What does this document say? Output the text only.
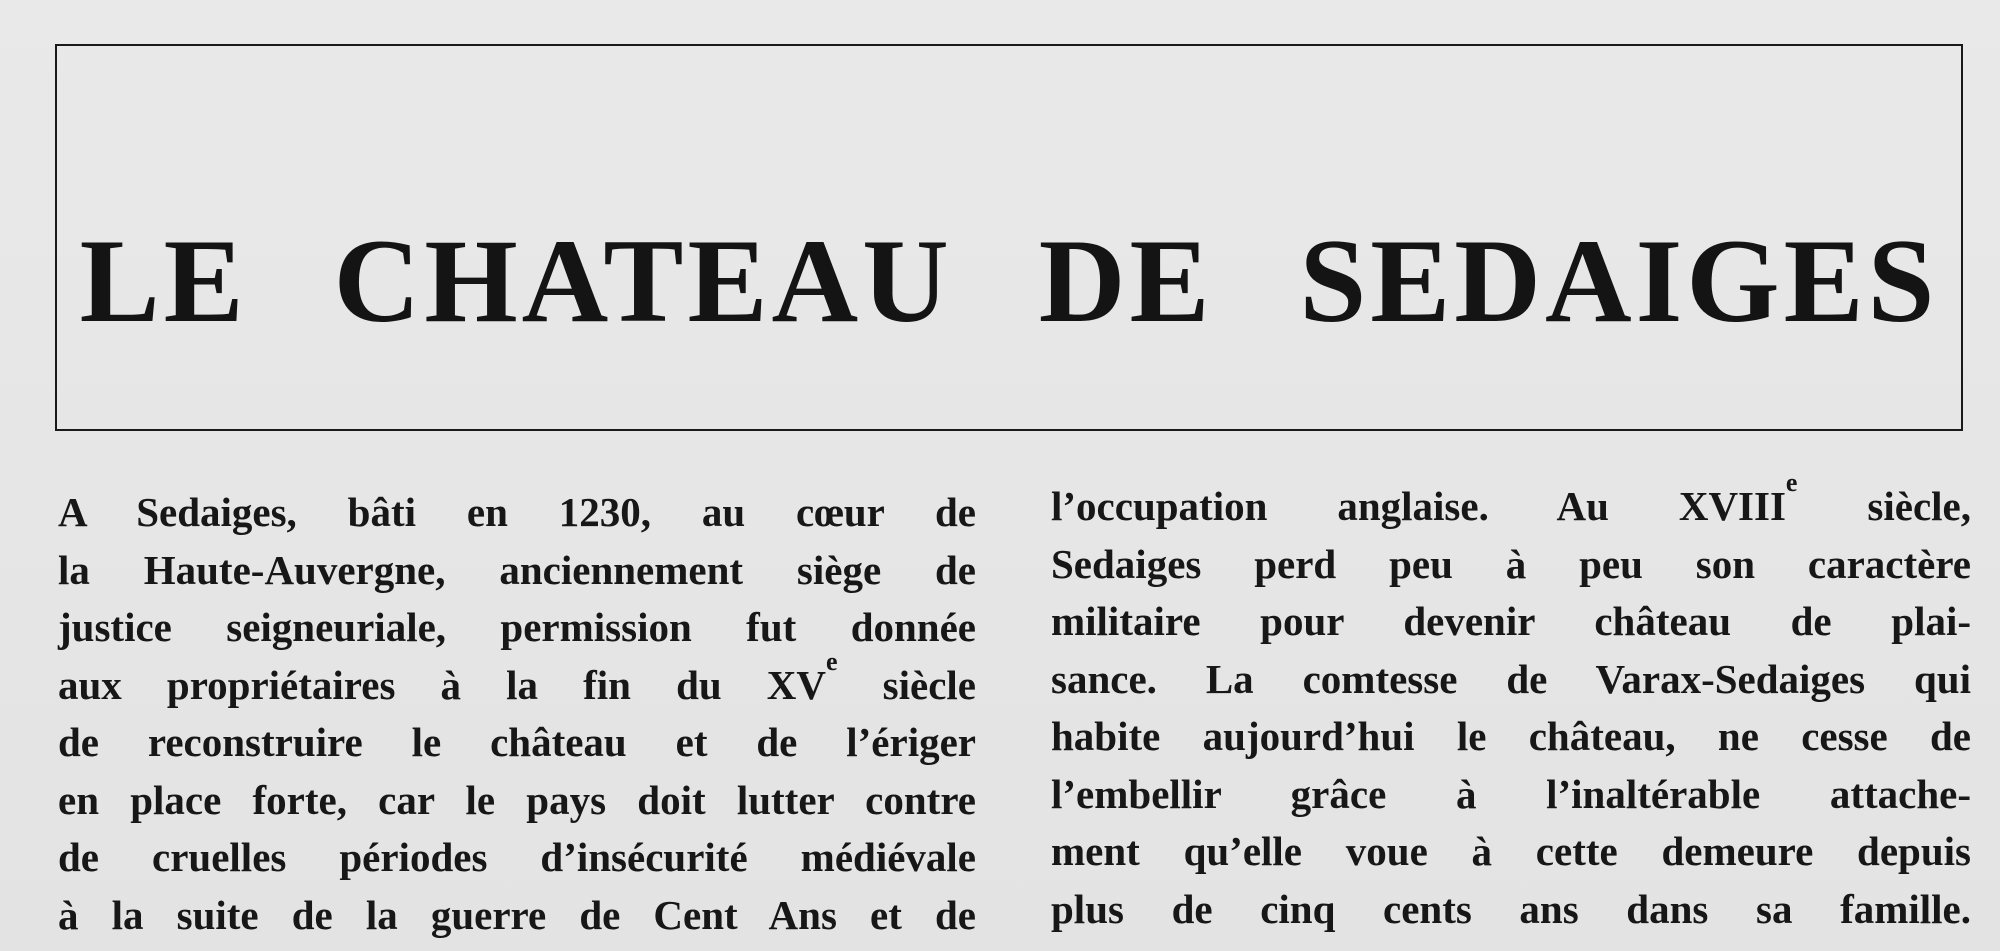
LE CHATEAU DE SEDAIGES
A Sedaiges, bâti en 1230, au cœur de
la Haute-Auvergne, anciennement siège de
justice seigneuriale, permission fut donnée
aux propriétaires à la fin du XVe siècle
de reconstruire le château et de l’ériger
en place forte, car le pays doit lutter contre
de cruelles périodes d’insécurité médiévale
à la suite de la guerre de Cent Ans et de
l’occupation anglaise. Au XVIIIe siècle,
Sedaiges perd peu à peu son caractère
militaire pour devenir château de plai-
sance. La comtesse de Varax-Sedaiges qui
habite aujourd’hui le château, ne cesse de
l’embellir grâce à l’inaltérable attache-
ment qu’elle voue à cette demeure depuis
plus de cinq cents ans dans sa famille.
